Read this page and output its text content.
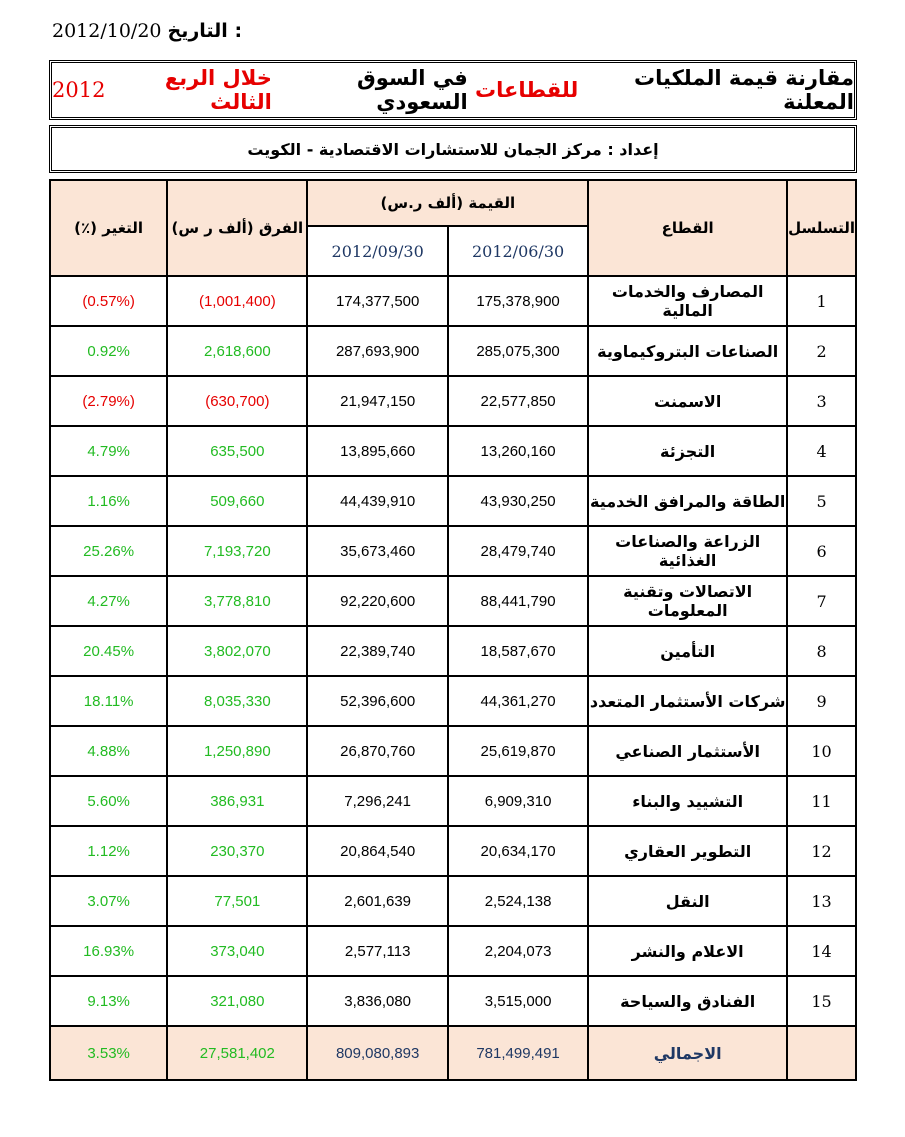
2012/10/20 التاريخ :
مقارنة قيمة الملكيات المعلنة

للقطاعات

في السوق السعودي

خلال الربع الثالث
2012
إعداد : مركز الجمان للاستشارات الاقتصادية - الكويت
التسلسل	القطاع	القيمة (ألف ر.س)		الفرق (ألف ر س)	التغير (٪)
		2012/06/30	2012/09/30		
1	المصارف والخدمات المالية	175,378,900	174,377,500	(1,001,400)	(0.57%)
2	الصناعات البتروكيماوية	285,075,300	287,693,900	2,618,600	0.92%
3	الاسمنت	22,577,850	21,947,150	(630,700)	(2.79%)
4	التجزئة	13,260,160	13,895,660	635,500	4.79%
5	الطاقة والمرافق الخدمية	43,930,250	44,439,910	509,660	1.16%
6	الزراعة والصناعات الغذائية	28,479,740	35,673,460	7,193,720	25.26%
7	الاتصالات وتقنية المعلومات	88,441,790	92,220,600	3,778,810	4.27%
8	التأمين	18,587,670	22,389,740	3,802,070	20.45%
9	شركات الأستثمار المتعدد	44,361,270	52,396,600	8,035,330	18.11%
10	الأستثمار الصناعي	25,619,870	26,870,760	1,250,890	4.88%
11	التشييد والبناء	6,909,310	7,296,241	386,931	5.60%
12	التطوير العقاري	20,634,170	20,864,540	230,370	1.12%
13	النقل	2,524,138	2,601,639	77,501	3.07%
14	الاعلام والنشر	2,204,073	2,577,113	373,040	16.93%
15	الفنادق والسياحة	3,515,000	3,836,080	321,080	9.13%
	الاجمالي	781,499,491	809,080,893	27,581,402	3.53%
